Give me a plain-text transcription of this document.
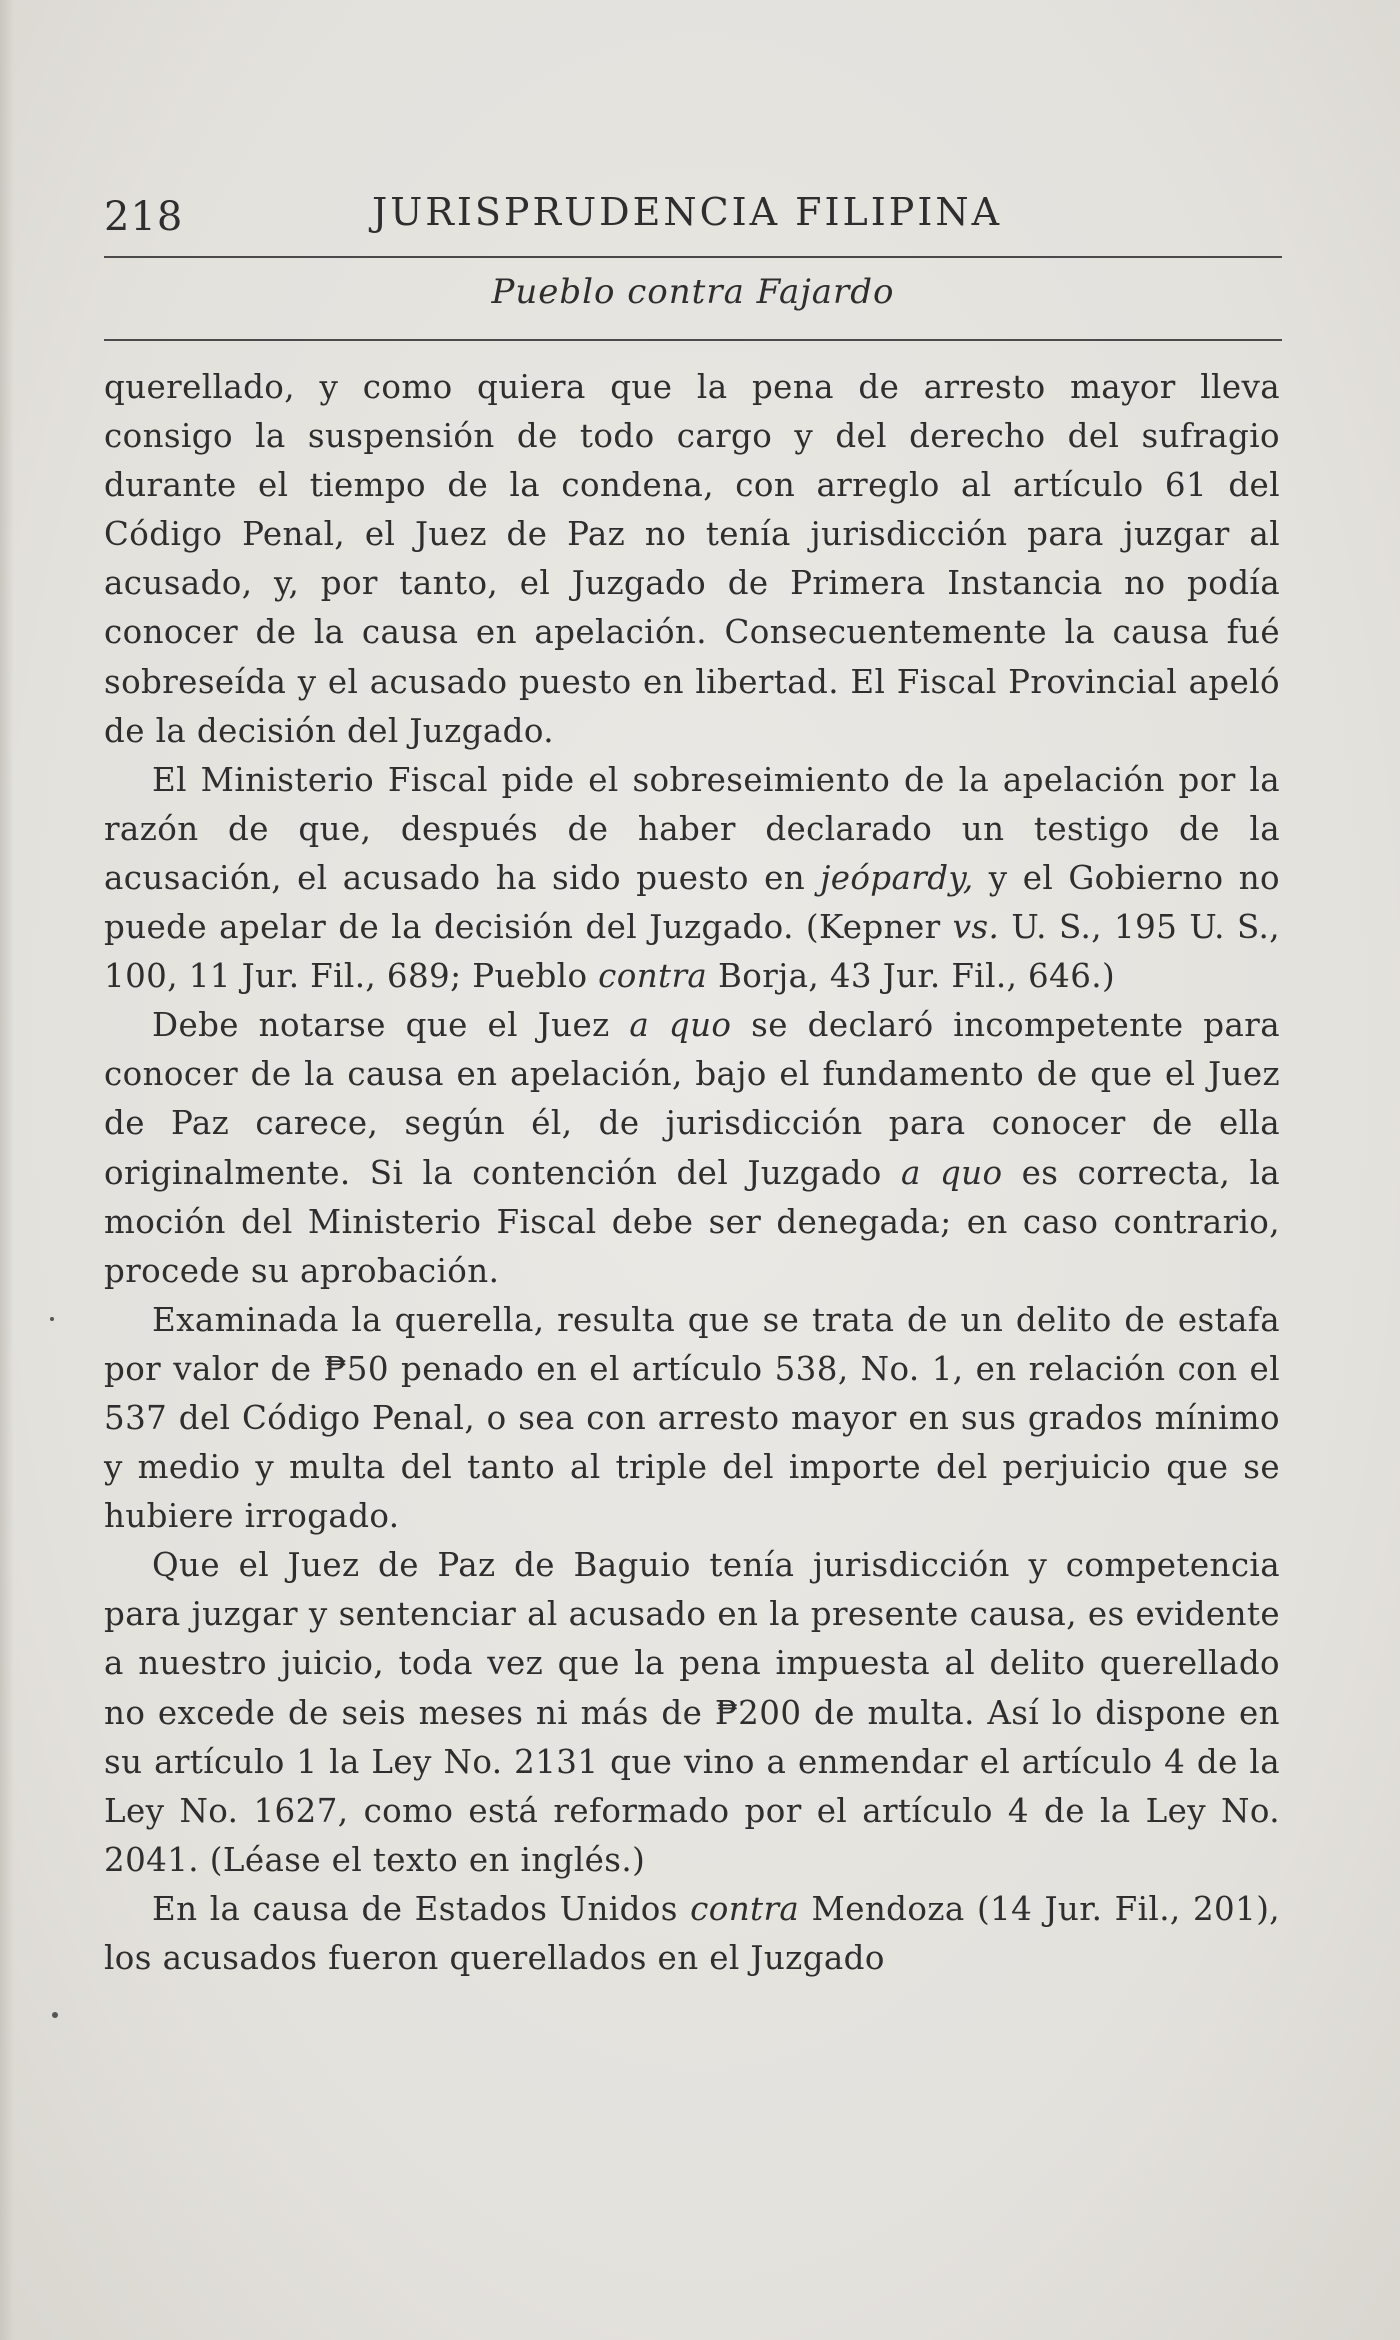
218	JURISPRUDENCIA FILIPINA
Pueblo contra Fajardo

querellado, y como quiera que la pena de arresto mayor lleva consigo la suspensión de todo cargo y del derecho del sufragio durante el tiempo de la condena, con arreglo al artículo 61 del Código Penal, el Juez de Paz no tenía jurisdicción para juzgar al acusado, y, por tanto, el Juzgado de Primera Instancia no podía conocer de la causa en apelación. Consecuentemente la causa fué sobreseída y el acusado puesto en libertad. El Fiscal Provincial apeló de la decisión del Juzgado.

El Ministerio Fiscal pide el sobreseimiento de la apelación por la razón de que, después de haber declarado un testigo de la acusación, el acusado ha sido puesto en jeópardy, y el Gobierno no puede apelar de la decisión del Juzgado. (Kepner vs. U. S., 195 U. S., 100, 11 Jur. Fil., 689; Pueblo contra Borja, 43 Jur. Fil., 646.)

Debe notarse que el Juez a quo se declaró incompetente para conocer de la causa en apelación, bajo el fundamento de que el Juez de Paz carece, según él, de jurisdicción para conocer de ella originalmente. Si la contención del Juzgado a quo es correcta, la moción del Ministerio Fiscal debe ser denegada; en caso contrario, procede su aprobación.

Examinada la querella, resulta que se trata de un delito de estafa por valor de ₱50 penado en el artículo 538, No. 1, en relación con el 537 del Código Penal, o sea con arresto mayor en sus grados mínimo y medio y multa del tanto al triple del importe del perjuicio que se hubiere irrogado.

Que el Juez de Paz de Baguio tenía jurisdicción y competencia para juzgar y sentenciar al acusado en la presente causa, es evidente a nuestro juicio, toda vez que la pena impuesta al delito querellado no excede de seis meses ni más de ₱200 de multa. Así lo dispone en su artículo 1 la Ley No. 2131 que vino a enmendar el artículo 4 de la Ley No. 1627, como está reformado por el artículo 4 de la Ley No. 2041. (Léase el texto en inglés.)

En la causa de Estados Unidos contra Mendoza (14 Jur. Fil., 201), los acusados fueron querellados en el Juzgado
